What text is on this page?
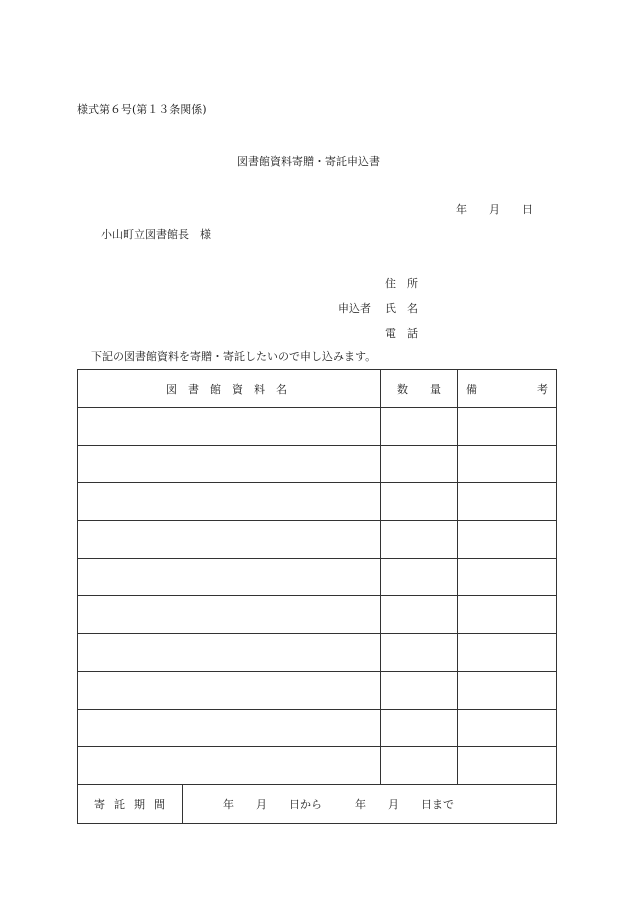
様式第６号(第１３条関係)
図書館資料寄贈・寄託申込書
年　　月　　日
小山町立図書館長　様
住　所
申込者 氏　名
電　話
下記の図書館資料を寄贈・寄託したいので申し込みます。
図書館資料名	数量	備考

寄託期間	年　　月　　日から　　　年　　月　　日まで
